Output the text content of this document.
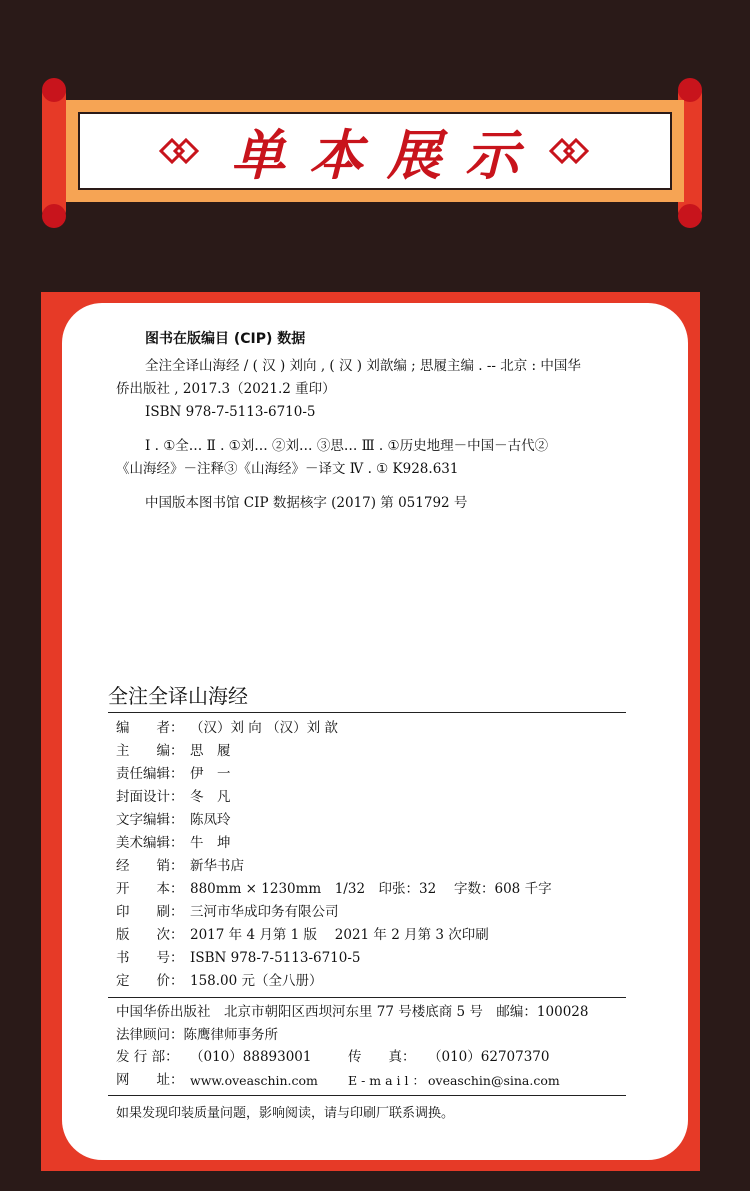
单本展示
图书在版编目 (CIP) 数据
全注全译山海经 / ( 汉 ) 刘向 , ( 汉 ) 刘歆编 ; 思履主编 . -- 北京 : 中国华
侨出版社 , 2017.3（2021.2 重印）
ISBN 978-7-5113-6710-5
Ⅰ . ①全… Ⅱ . ①刘… ②刘… ③思… Ⅲ . ①历史地理－中国－古代②
《山海经》－注释③《山海经》－译文 Ⅳ . ① K928.631
中国版本图书馆 CIP 数据核字 (2017) 第 051792 号
全注全译山海经
编　　者： （汉）刘 向 （汉）刘 歆
主　　编： 思　履
责任编辑： 伊　一
封面设计： 冬　凡
文字编辑： 陈凤玲
美术编辑： 牛　坤
经　　销： 新华书店
开　　本： 880mm × 1230mm　1/32　印张：32　 字数：608 千字
印　　刷： 三河市华成印务有限公司
版　　次： 2017 年 4 月第 1 版　 2021 年 2 月第 3 次印刷
书　　号： ISBN 978-7-5113-6710-5
定　　价： 158.00 元（全八册）
中国华侨出版社　北京市朝阳区西坝河东里 77 号楼底商 5 号　邮编：100028
法律顾问：陈鹰律师事务所
发 行 部： （010）88893001	传　　真： （010）62707370
网　　址： www.oveaschin.com E - m a i l ： oveaschin@sina.com
如果发现印装质量问题，影响阅读，请与印刷厂联系调换。
